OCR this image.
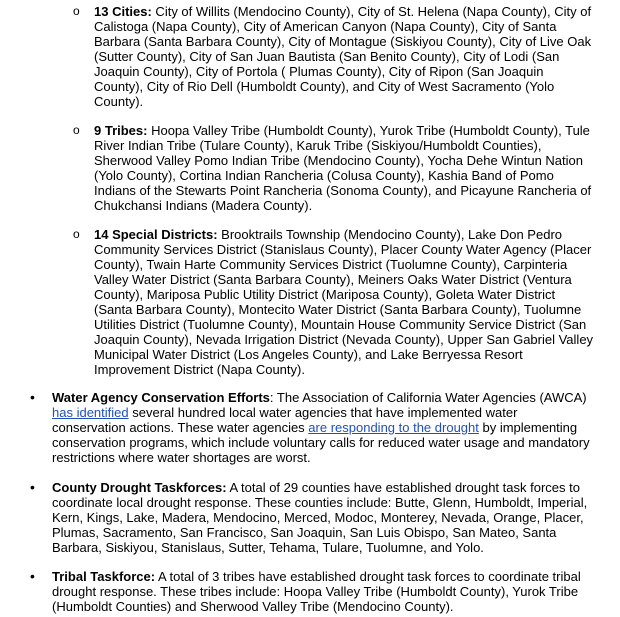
o 13 Cities: City of Willits (Mendocino County), City of St. Helena (Napa County), City of Calistoga (Napa County), City of American Canyon (Napa County), City of Santa Barbara (Santa Barbara County), City of Montague (Siskiyou County), City of Live Oak (Sutter County), City of San Juan Bautista (San Benito County), City of Lodi (San Joaquin County), City of Portola ( Plumas County), City of Ripon (San Joaquin County), City of Rio Dell (Humboldt County), and City of West Sacramento (Yolo County).

o 9 Tribes: Hoopa Valley Tribe (Humboldt County), Yurok Tribe (Humboldt County), Tule River Indian Tribe (Tulare County), Karuk Tribe (Siskiyou/Humboldt Counties), Sherwood Valley Pomo Indian Tribe (Mendocino County), Yocha Dehe Wintun Nation (Yolo County), Cortina Indian Rancheria (Colusa County), Kashia Band of Pomo Indians of the Stewarts Point Rancheria (Sonoma County), and Picayune Rancheria of Chukchansi Indians (Madera County).

o 14 Special Districts: Brooktrails Township (Mendocino County), Lake Don Pedro Community Services District (Stanislaus County), Placer County Water Agency (Placer County), Twain Harte Community Services District (Tuolumne County), Carpinteria Valley Water District (Santa Barbara County), Meiners Oaks Water District (Ventura County), Mariposa Public Utility District (Mariposa County), Goleta Water District (Santa Barbara County), Montecito Water District (Santa Barbara County), Tuolumne Utilities District (Tuolumne County), Mountain House Community Service District (San Joaquin County), Nevada Irrigation District (Nevada County), Upper San Gabriel Valley Municipal Water District (Los Angeles County), and Lake Berryessa Resort Improvement District (Napa County).

• Water Agency Conservation Efforts: The Association of California Water Agencies (AWCA) has identified several hundred local water agencies that have implemented water conservation actions. These water agencies are responding to the drought by implementing conservation programs, which include voluntary calls for reduced water usage and mandatory restrictions where water shortages are worst.

• County Drought Taskforces: A total of 29 counties have established drought task forces to coordinate local drought response. These counties include: Butte, Glenn, Humboldt, Imperial, Kern, Kings, Lake, Madera, Mendocino, Merced, Modoc, Monterey, Nevada, Orange, Placer, Plumas, Sacramento, San Francisco, San Joaquin, San Luis Obispo, San Mateo, Santa Barbara, Siskiyou, Stanislaus, Sutter, Tehama, Tulare, Tuolumne, and Yolo.

• Tribal Taskforce: A total of 3 tribes have established drought task forces to coordinate tribal drought response. These tribes include: Hoopa Valley Tribe (Humboldt County), Yurok Tribe (Humboldt Counties) and Sherwood Valley Tribe (Mendocino County).
